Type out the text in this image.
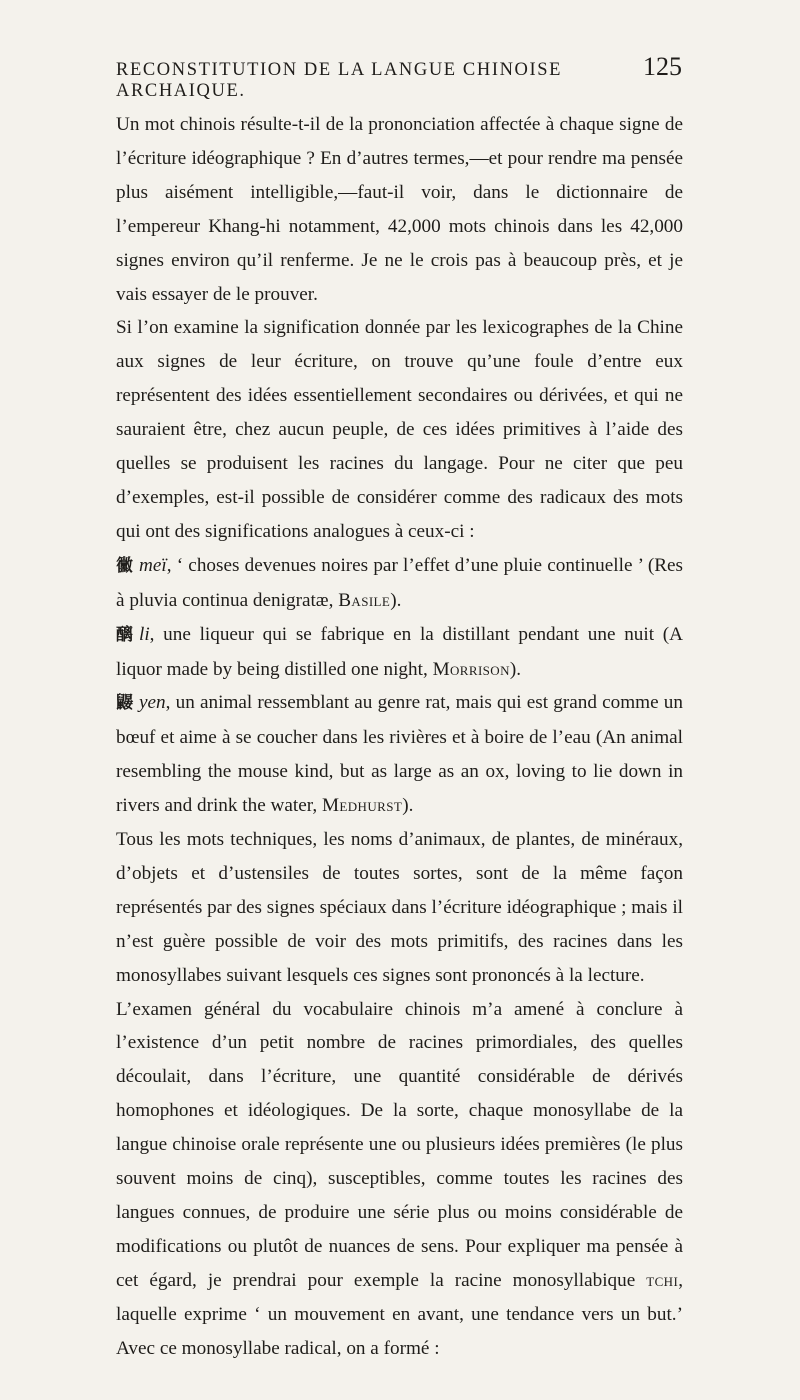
RECONSTITUTION DE LA LANGUE CHINOISE ARCHAIQUE.
125

Un mot chinois résulte-t-il de la prononciation affectée à chaque signe de l’écriture idéographique ? En d’autres termes,—et pour rendre ma pensée plus aisément intelligible,—faut-il voir, dans le dictionnaire de l’empereur Khang-hi notamment, 42,000 mots chinois dans les 42,000 signes environ qu’il renferme. Je ne le crois pas à beaucoup près, et je vais essayer de le prouver.

Si l’on examine la signification donnée par les lexicographes de la Chine aux signes de leur écriture, on trouve qu’une foule d’entre eux représentent des idées essentiellement secondaires ou dérivées, et qui ne sauraient être, chez aucun peuple, de ces idées primitives à l’aide des quelles se produisent les racines du langage. Pour ne citer que peu d’exemples, est-il possible de considérer comme des radicaux des mots qui ont des significations analogues à ceux-ci :

黴 meï, ‘ choses devenues noires par l’effet d’une pluie continuelle ’ (Res à pluvia continua denigratæ, Basile).

醨 li, une liqueur qui se fabrique en la distillant pendant une nuit (A liquor made by being distilled one night, Morrison).

鼹 yen, un animal ressemblant au genre rat, mais qui est grand comme un bœuf et aime à se coucher dans les rivières et à boire de l’eau (An animal resembling the mouse kind, but as large as an ox, loving to lie down in rivers and drink the water, Medhurst).

Tous les mots techniques, les noms d’animaux, de plantes, de minéraux, d’objets et d’ustensiles de toutes sortes, sont de la même façon représentés par des signes spéciaux dans l’écriture idéographique ; mais il n’est guère possible de voir des mots primitifs, des racines dans les monosyllabes suivant lesquels ces signes sont prononcés à la lecture.

L’examen général du vocabulaire chinois m’a amené à conclure à l’existence d’un petit nombre de racines primordiales, des quelles découlait, dans l’écriture, une quantité considérable de dérivés homophones et idéologiques. De la sorte, chaque monosyllabe de la langue chinoise orale représente une ou plusieurs idées premières (le plus souvent moins de cinq), susceptibles, comme toutes les racines des langues connues, de produire une série plus ou moins considérable de modifications ou plutôt de nuances de sens. Pour expliquer ma pensée à cet égard, je prendrai pour exemple la racine monosyllabique tchi, laquelle exprime ‘ un mouvement en avant, une tendance vers un but.’ Avec ce monosyllabe radical, on a formé :
